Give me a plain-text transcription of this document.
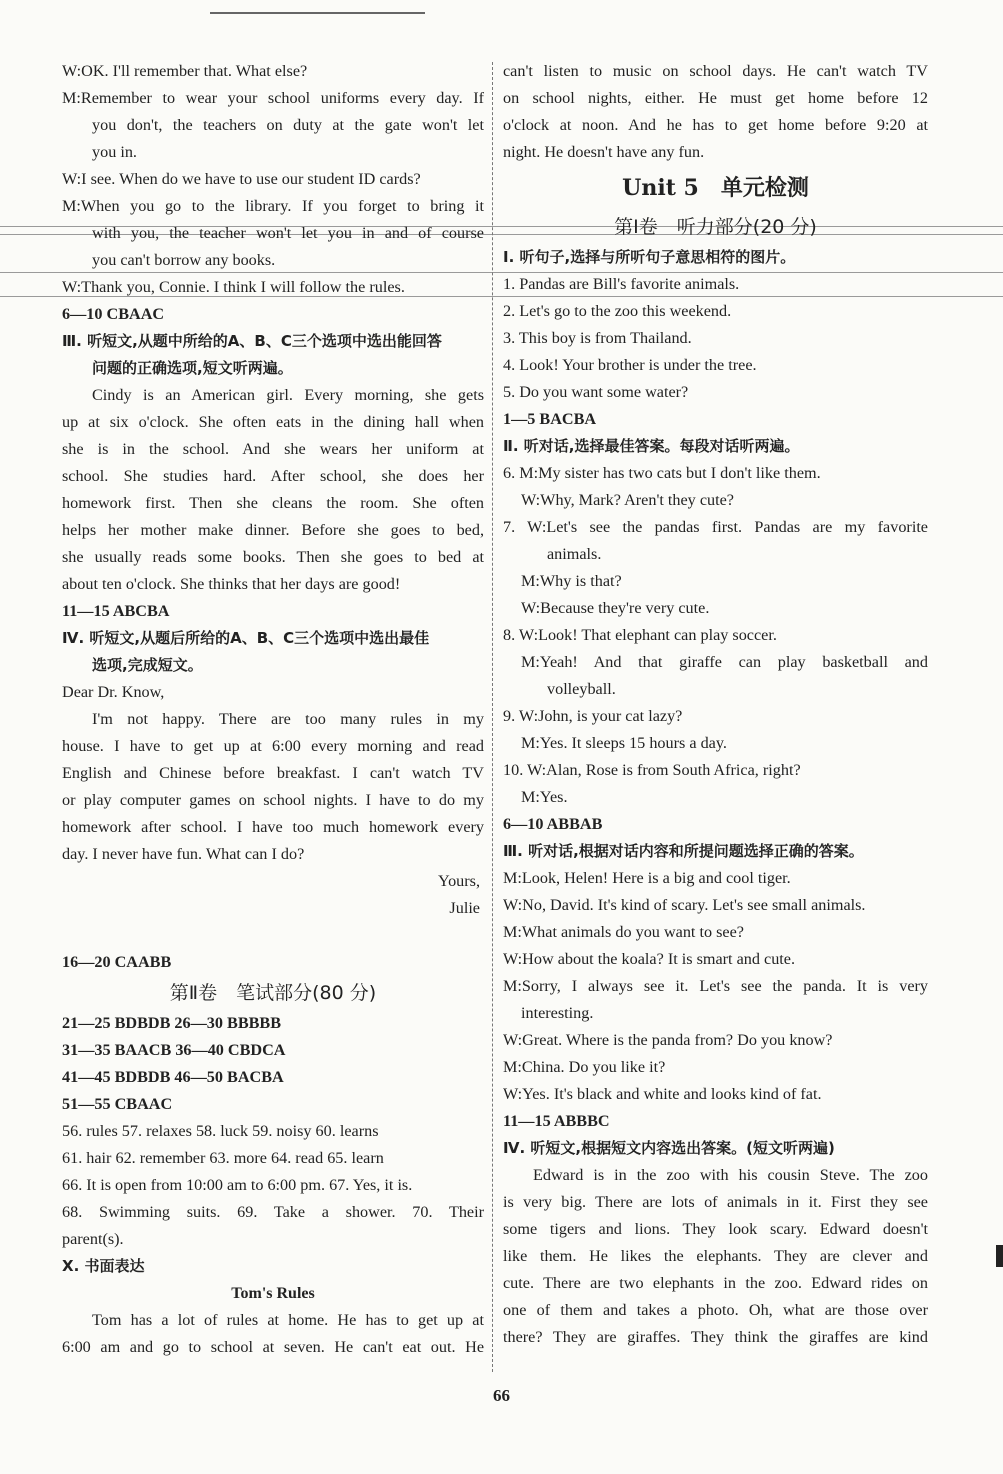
W:OK. I'll remember that. What else?
M:Remember to wear your school uniforms every day. If
you don't, the teachers on duty at the gate won't let
you in.
W:I see. When do we have to use our student ID cards?
M:When you go to the library. If you forget to bring it
with you, the teacher won't let you in and of course
you can't borrow any books.
W:Thank you, Connie. I think I will follow the rules.
6—10 CBAAC
Ⅲ. 听短文,从题中所给的A、B、C三个选项中选出能回答
问题的正确选项,短文听两遍。
Cindy is an American girl. Every morning, she gets
up at six o'clock. She often eats in the dining hall when
she is in the school. And she wears her uniform at
school. She studies hard. After school, she does her
homework first. Then she cleans the room. She often
helps her mother make dinner. Before she goes to bed,
she usually reads some books. Then she goes to bed at
about ten o'clock. She thinks that her days are good!
11—15 ABCBA
Ⅳ. 听短文,从题后所给的A、B、C三个选项中选出最佳
选项,完成短文。
Dear Dr. Know,
I'm not happy. There are too many rules in my
house. I have to get up at 6:00 every morning and read
English and Chinese before breakfast. I can't watch TV
or play computer games on school nights. I have to do my
homework after school. I have too much homework every
day. I never have fun. What can I do?
Yours,
Julie
16—20 CAABB
第Ⅱ卷　笔试部分(80 分)
21—25 BDBDB 26—30 BBBBB
31—35 BAACB 36—40 CBDCA
41—45 BDBDB 46—50 BACBA
51—55 CBAAC
56. rules 57. relaxes 58. luck 59. noisy 60. learns
61. hair 62. remember 63. more 64. read 65. learn
66. It is open from 10:00 am to 6:00 pm. 67. Yes, it is.
68. Swimming suits. 69. Take a shower. 70. Their
parent(s).
Ⅹ. 书面表达
Tom's Rules
Tom has a lot of rules at home. He has to get up at
6:00 am and go to school at seven. He can't eat out. He
can't listen to music on school days. He can't watch TV
on school nights, either. He must get home before 12
o'clock at noon. And he has to get home before 9:20 at
night. He doesn't have any fun.
Unit 5　单元检测
第Ⅰ卷　听力部分(20 分)
Ⅰ. 听句子,选择与所听句子意思相符的图片。
1. Pandas are Bill's favorite animals.
2. Let's go to the zoo this weekend.
3. This boy is from Thailand.
4. Look! Your brother is under the tree.
5. Do you want some water?
1—5 BACBA
Ⅱ. 听对话,选择最佳答案。每段对话听两遍。
6. M:My sister has two cats but I don't like them.
W:Why, Mark? Aren't they cute?
7. W:Let's see the pandas first. Pandas are my favorite
animals.
M:Why is that?
W:Because they're very cute.
8. W:Look! That elephant can play soccer.
M:Yeah! And that giraffe can play basketball and
volleyball.
9. W:John, is your cat lazy?
M:Yes. It sleeps 15 hours a day.
10. W:Alan, Rose is from South Africa, right?
M:Yes.
6—10 ABBAB
Ⅲ. 听对话,根据对话内容和所提问题选择正确的答案。
M:Look, Helen! Here is a big and cool tiger.
W:No, David. It's kind of scary. Let's see small animals.
M:What animals do you want to see?
W:How about the koala? It is smart and cute.
M:Sorry, I always see it. Let's see the panda. It is very
interesting.
W:Great. Where is the panda from? Do you know?
M:China. Do you like it?
W:Yes. It's black and white and looks kind of fat.
11—15 ABBBC
Ⅳ. 听短文,根据短文内容选出答案。(短文听两遍)
Edward is in the zoo with his cousin Steve. The zoo
is very big. There are lots of animals in it. First they see
some tigers and lions. They look scary. Edward doesn't
like them. He likes the elephants. They are clever and
cute. There are two elephants in the zoo. Edward rides on
one of them and takes a photo. Oh, what are those over
there? They are giraffes. They think the giraffes are kind
66
